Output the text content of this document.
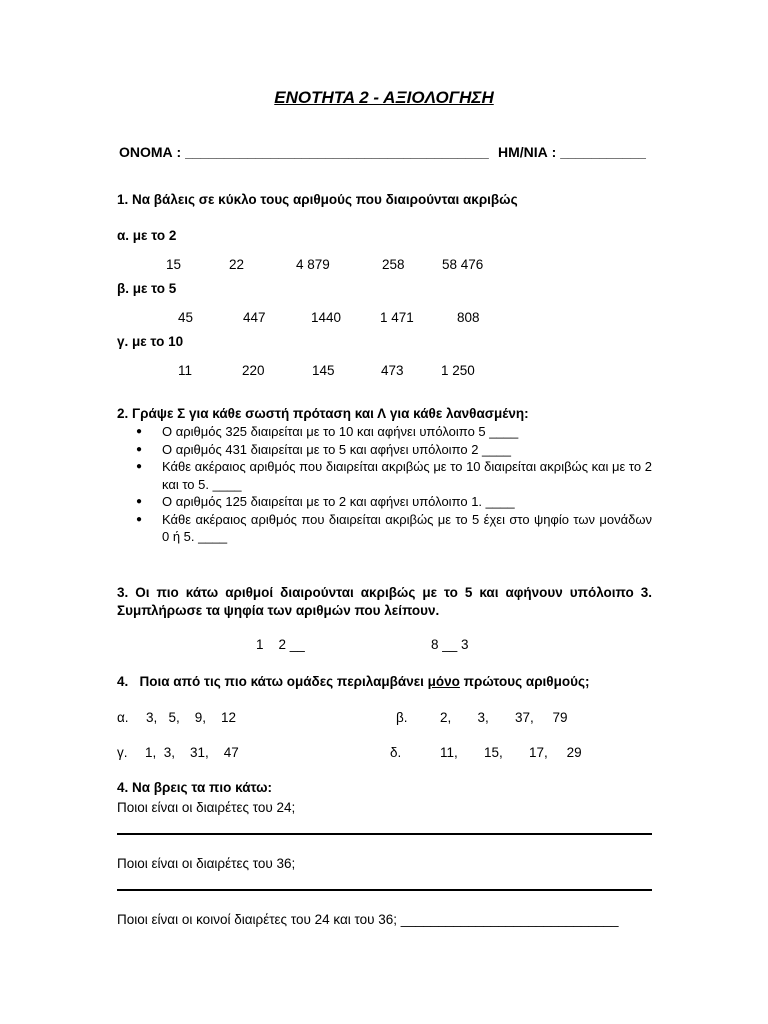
ΕΝΟΤΗΤΑ 2 - ΑΞΙΟΛΟΓΗΣΗ
ΟΝΟΜΑ : _______________________________________ ΗΜ/ΝΙΑ : ___________
1. Να βάλεις σε κύκλο τους αριθμούς που διαιρούνται ακριβώς
α. με το 2
15	22	4 879	258	58 476
β. με το 5
45	447	1440	1 471	808
γ. με το 10
11	220	145	473	1 250
2. Γράψε Σ για κάθε σωστή πρόταση και Λ για κάθε λανθασμένη:
● Ο αριθμός 325 διαιρείται με το 10 και αφήνει υπόλοιπο 5 ____
● Ο αριθμός 431 διαιρείται με το 5 και αφήνει υπόλοιπο 2 ____
● Κάθε ακέραιος αριθμός που διαιρείται ακριβώς με το 10 διαιρείται ακριβώς και με το 2 και το 5. ____
● Ο αριθμός 125 διαιρείται με το 2 και αφήνει υπόλοιπο 1. ____
● Κάθε ακέραιος αριθμός που διαιρείται ακριβώς με το 5 έχει στο ψηφίο των μονάδων 0 ή 5. ____
3. Οι πιο κάτω αριθμοί διαιρούνται ακριβώς με το 5 και αφήνουν υπόλοιπο 3. Συμπλήρωσε τα ψηφία των αριθμών που λείπουν.
1    2 __	8 __ 3
4.   Ποια από τις πιο κάτω ομάδες περιλαμβάνει μόνο πρώτους αριθμούς;
α. 3,   5,    9,    12	β. 2,       3,       37,     79
γ. 1,  3,    31,    47	δ.	11,       15,       17,     29
4. Να βρεις τα πιο κάτω:
Ποιοι είναι οι διαιρέτες του 24;
Ποιοι είναι οι διαιρέτες του 36;
Ποιοι είναι οι κοινοί διαιρέτες του 24 και του 36; _____________________________
